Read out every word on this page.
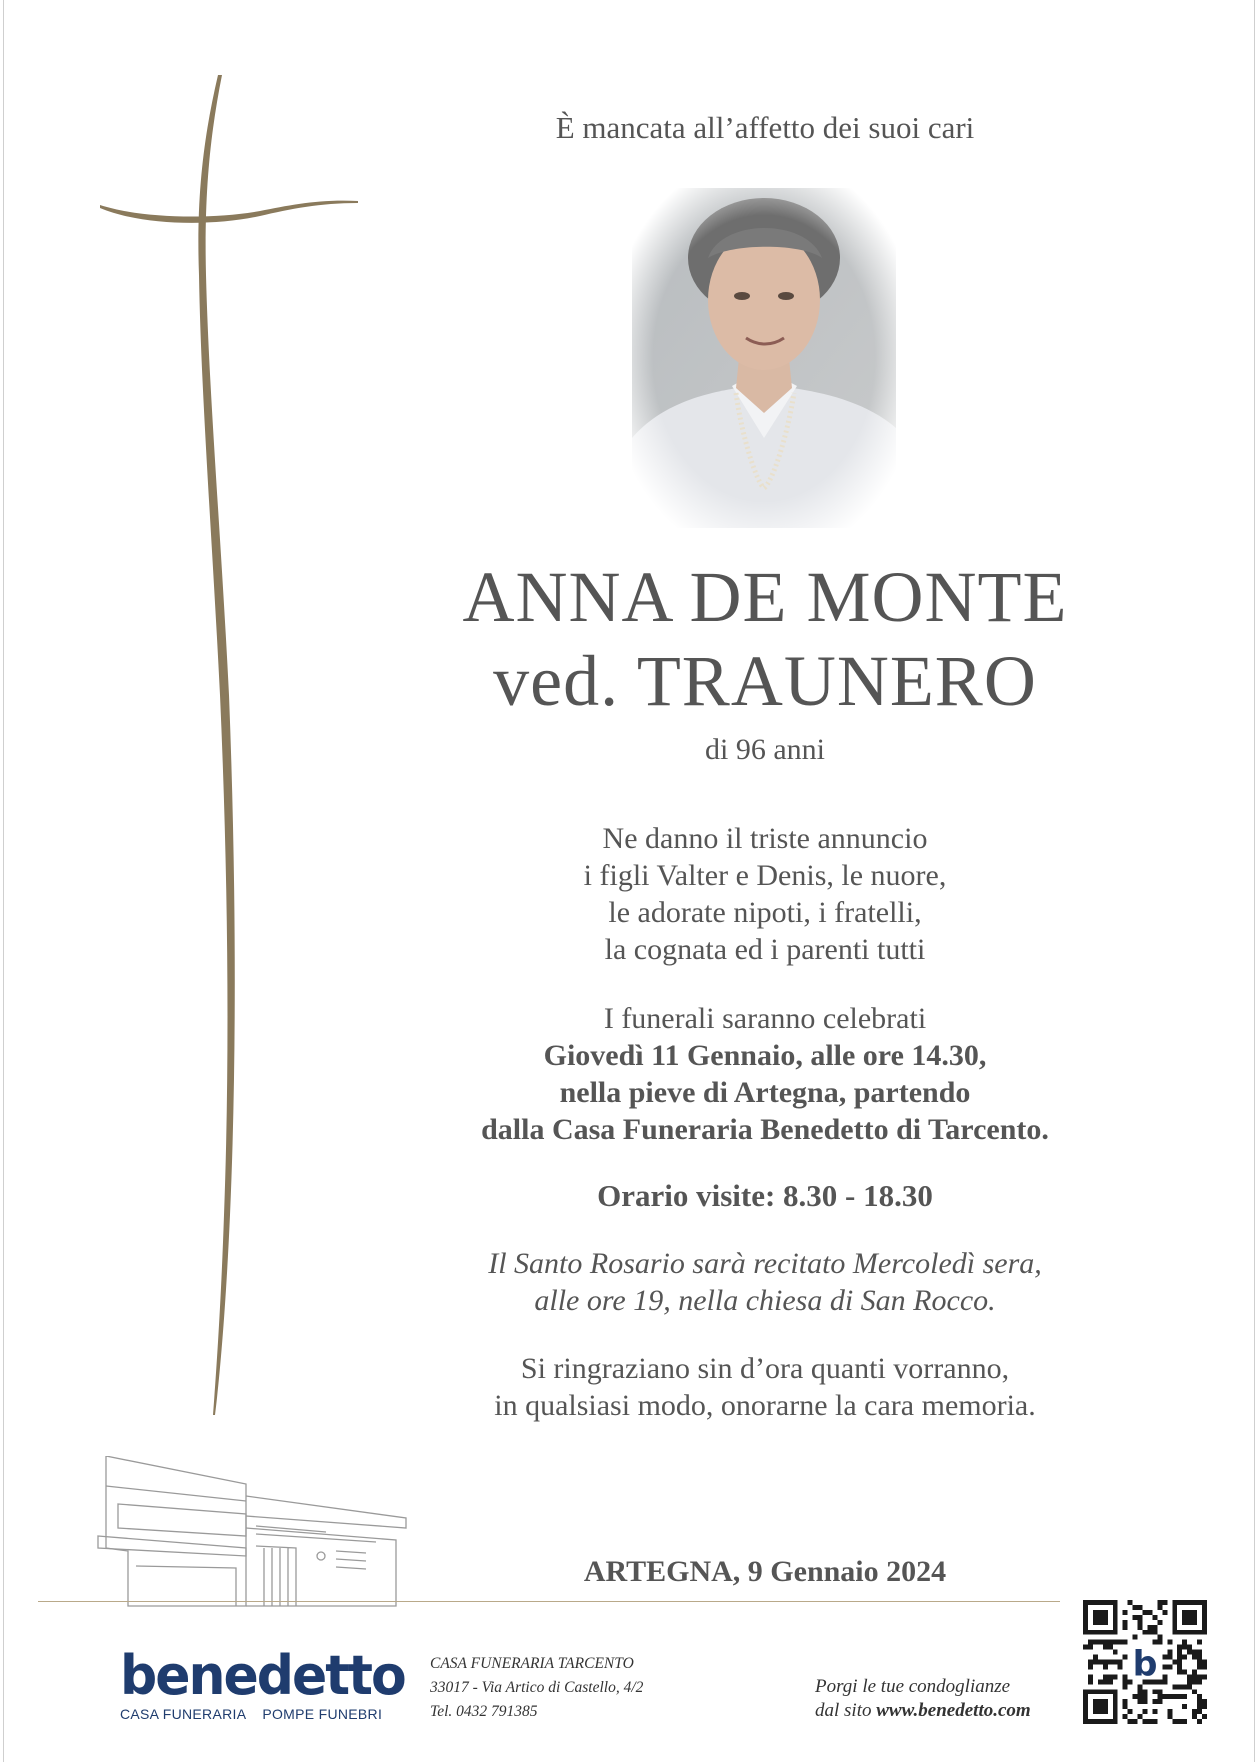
È mancata all’affetto dei suoi cari
ANNA DE MONTE
ved. TRAUNERO
di 96 anni
Ne danno il triste annuncio
i figli Valter e Denis, le nuore,
le adorate nipoti, i fratelli,
la cognata ed i parenti tutti
I funerali saranno celebrati
Giovedì 11 Gennaio, alle ore 14.30,
nella pieve di Artegna, partendo
dalla Casa Funeraria Benedetto di Tarcento.
Orario visite: 8.30 - 18.30
Il Santo Rosario sarà recitato Mercoledì sera,
alle ore 19, nella chiesa di San Rocco.
Si ringraziano sin d’ora quanti vorranno,
in qualsiasi modo, onorarne la cara memoria.
ARTEGNA, 9 Gennaio 2024
benedetto
CASA FUNERARIA POMPE FUNEBRI
CASA FUNERARIA TARCENTO
33017 - Via Artico di Castello, 4/2
Tel. 0432 791385
Porgi le tue condoglianze
dal sito www.benedetto.com
b
